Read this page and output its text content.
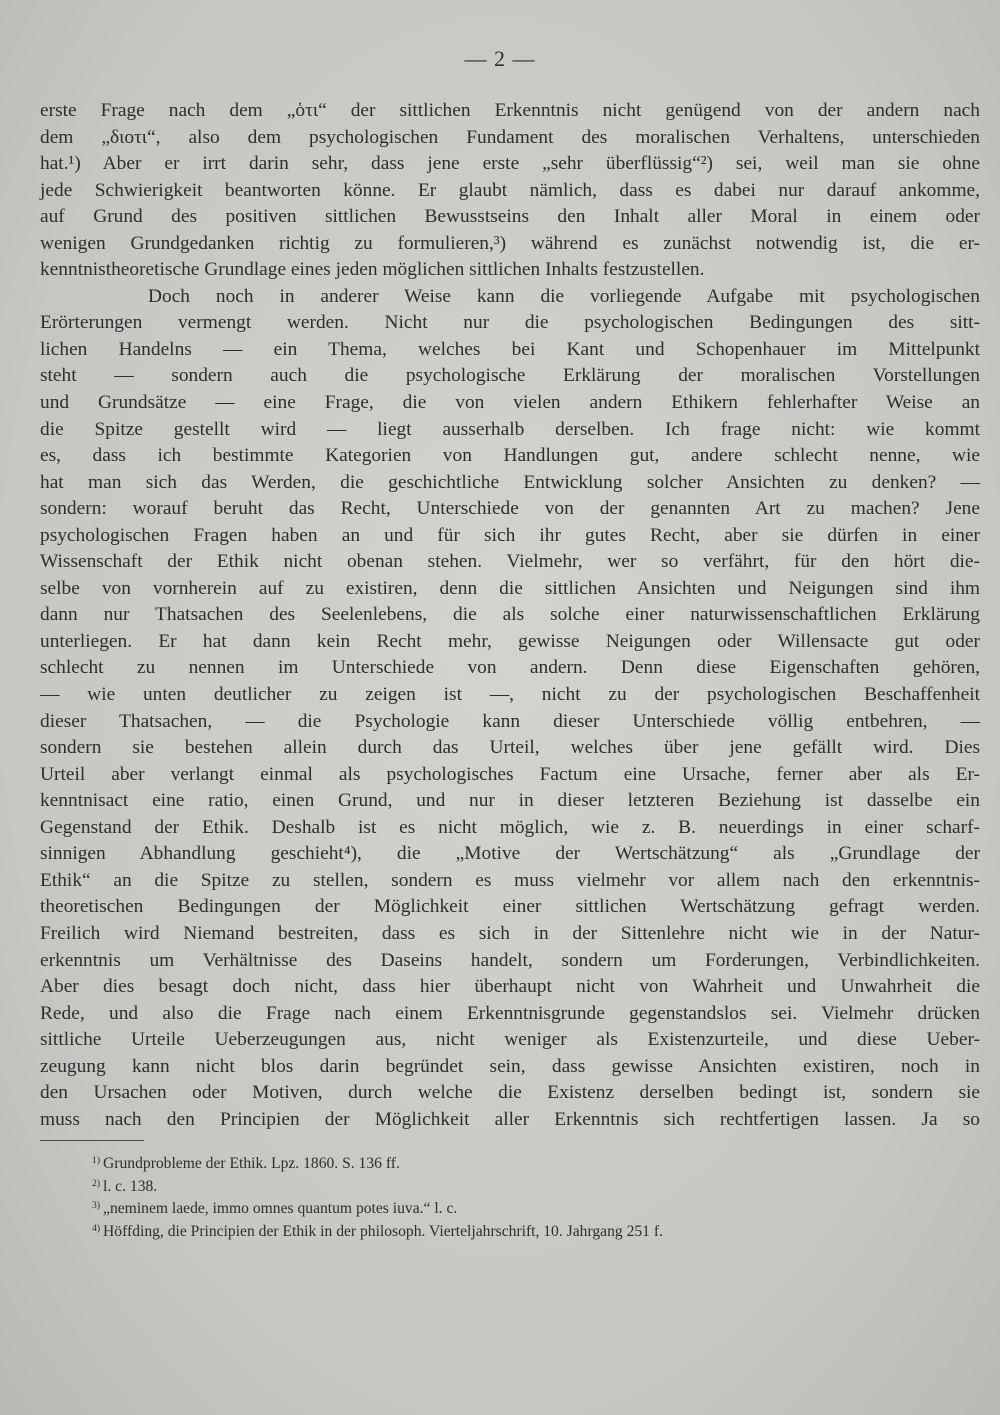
— 2 —
erste Frage nach dem „ὁτι“ der sittlichen Erkenntnis nicht genügend von der andern nach
dem „διοτι“, also dem psychologischen Fundament des moralischen Verhaltens, unterschieden
hat.¹) Aber er irrt darin sehr, dass jene erste „sehr überflüssig“²) sei, weil man sie ohne
jede Schwierigkeit beantworten könne. Er glaubt nämlich, dass es dabei nur darauf ankomme,
auf Grund des positiven sittlichen Bewusstseins den Inhalt aller Moral in einem oder
wenigen Grundgedanken richtig zu formulieren,³) während es zunächst notwendig ist, die er-
kenntnistheoretische Grundlage eines jeden möglichen sittlichen Inhalts festzustellen.
Doch noch in anderer Weise kann die vorliegende Aufgabe mit psychologischen
Erörterungen vermengt werden. Nicht nur die psychologischen Bedingungen des sitt-
lichen Handelns — ein Thema, welches bei Kant und Schopenhauer im Mittelpunkt
steht — sondern auch die psychologische Erklärung der moralischen Vorstellungen
und Grundsätze — eine Frage, die von vielen andern Ethikern fehlerhafter Weise an
die Spitze gestellt wird — liegt ausserhalb derselben. Ich frage nicht: wie kommt
es, dass ich bestimmte Kategorien von Handlungen gut, andere schlecht nenne, wie
hat man sich das Werden, die geschichtliche Entwicklung solcher Ansichten zu denken? —
sondern: worauf beruht das Recht, Unterschiede von der genannten Art zu machen? Jene
psychologischen Fragen haben an und für sich ihr gutes Recht, aber sie dürfen in einer
Wissenschaft der Ethik nicht obenan stehen. Vielmehr, wer so verfährt, für den hört die-
selbe von vornherein auf zu existiren, denn die sittlichen Ansichten und Neigungen sind ihm
dann nur Thatsachen des Seelenlebens, die als solche einer naturwissenschaftlichen Erklärung
unterliegen. Er hat dann kein Recht mehr, gewisse Neigungen oder Willensacte gut oder
schlecht zu nennen im Unterschiede von andern. Denn diese Eigenschaften gehören,
— wie unten deutlicher zu zeigen ist —, nicht zu der psychologischen Beschaffenheit
dieser Thatsachen, — die Psychologie kann dieser Unterschiede völlig entbehren, —
sondern sie bestehen allein durch das Urteil, welches über jene gefällt wird. Dies
Urteil aber verlangt einmal als psychologisches Factum eine Ursache, ferner aber als Er-
kenntnisact eine ratio, einen Grund, und nur in dieser letzteren Beziehung ist dasselbe ein
Gegenstand der Ethik. Deshalb ist es nicht möglich, wie z. B. neuerdings in einer scharf-
sinnigen Abhandlung geschieht⁴), die „Motive der Wertschätzung“ als „Grundlage der
Ethik“ an die Spitze zu stellen, sondern es muss vielmehr vor allem nach den erkenntnis-
theoretischen Bedingungen der Möglichkeit einer sittlichen Wertschätzung gefragt werden.
Freilich wird Niemand bestreiten, dass es sich in der Sittenlehre nicht wie in der Natur-
erkenntnis um Verhältnisse des Daseins handelt, sondern um Forderungen, Verbindlichkeiten.
Aber dies besagt doch nicht, dass hier überhaupt nicht von Wahrheit und Unwahrheit die
Rede, und also die Frage nach einem Erkenntnisgrunde gegenstandslos sei. Vielmehr drücken
sittliche Urteile Ueberzeugungen aus, nicht weniger als Existenzurteile, und diese Ueber-
zeugung kann nicht blos darin begründet sein, dass gewisse Ansichten existiren, noch in
den Ursachen oder Motiven, durch welche die Existenz derselben bedingt ist, sondern sie
muss nach den Principien der Möglichkeit aller Erkenntnis sich rechtfertigen lassen. Ja so
$^{1)}$ Grundprobleme der Ethik. Lpz. 1860. S. 136 ff.
$^{2)}$ l. c. 138.
$^{3)}$ „neminem laede, immo omnes quantum potes iuva.“ l. c.
$^{4)}$ Höffding, die Principien der Ethik in der philosoph. Vierteljahrschrift, 10. Jahrgang 251 f.
